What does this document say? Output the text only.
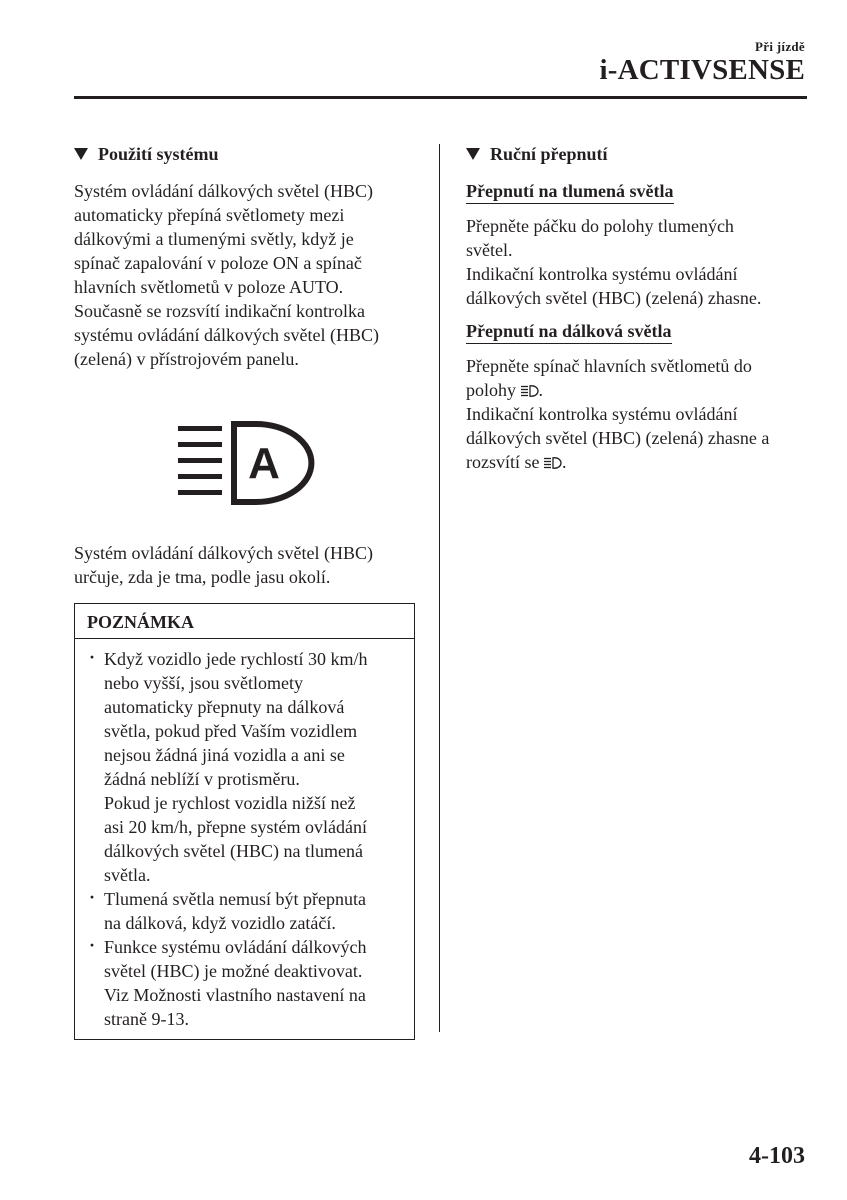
Při jízdě
i-ACTIVSENSE
Použití systému
Systém ovládání dálkových světel (HBC)
automaticky přepíná světlomety mezi
dálkovými a tlumenými světly, když je
spínač zapalování v poloze ON a spínač
hlavních světlometů v poloze AUTO.
Současně se rozsvítí indikační kontrolka
systému ovládání dálkových světel (HBC)
(zelená) v přístrojovém panelu.
A
Systém ovládání dálkových světel (HBC)
určuje, zda je tma, podle jasu okolí.
POZNÁMKA
· Když vozidlo jede rychlostí 30 km/h
nebo vyšší, jsou světlomety
automaticky přepnuty na dálková
světla, pokud před Vaším vozidlem
nejsou žádná jiná vozidla a ani se
žádná neblíží v protisměru.
Pokud je rychlost vozidla nižší než
asi 20 km/h, přepne systém ovládání
dálkových světel (HBC) na tlumená
světla.
· Tlumená světla nemusí být přepnuta
na dálková, když vozidlo zatáčí.
· Funkce systému ovládání dálkových
světel (HBC) je možné deaktivovat.
Viz Možnosti vlastního nastavení na
straně 9-13.
Ruční přepnutí
Přepnutí na tlumená světla
Přepněte páčku do polohy tlumených
světel.
Indikační kontrolka systému ovládání
dálkových světel (HBC) (zelená) zhasne.
Přepnutí na dálková světla
Přepněte spínač hlavních světlometů do
polohy .
Indikační kontrolka systému ovládání
dálkových světel (HBC) (zelená) zhasne a
rozsvítí se .
4-103
